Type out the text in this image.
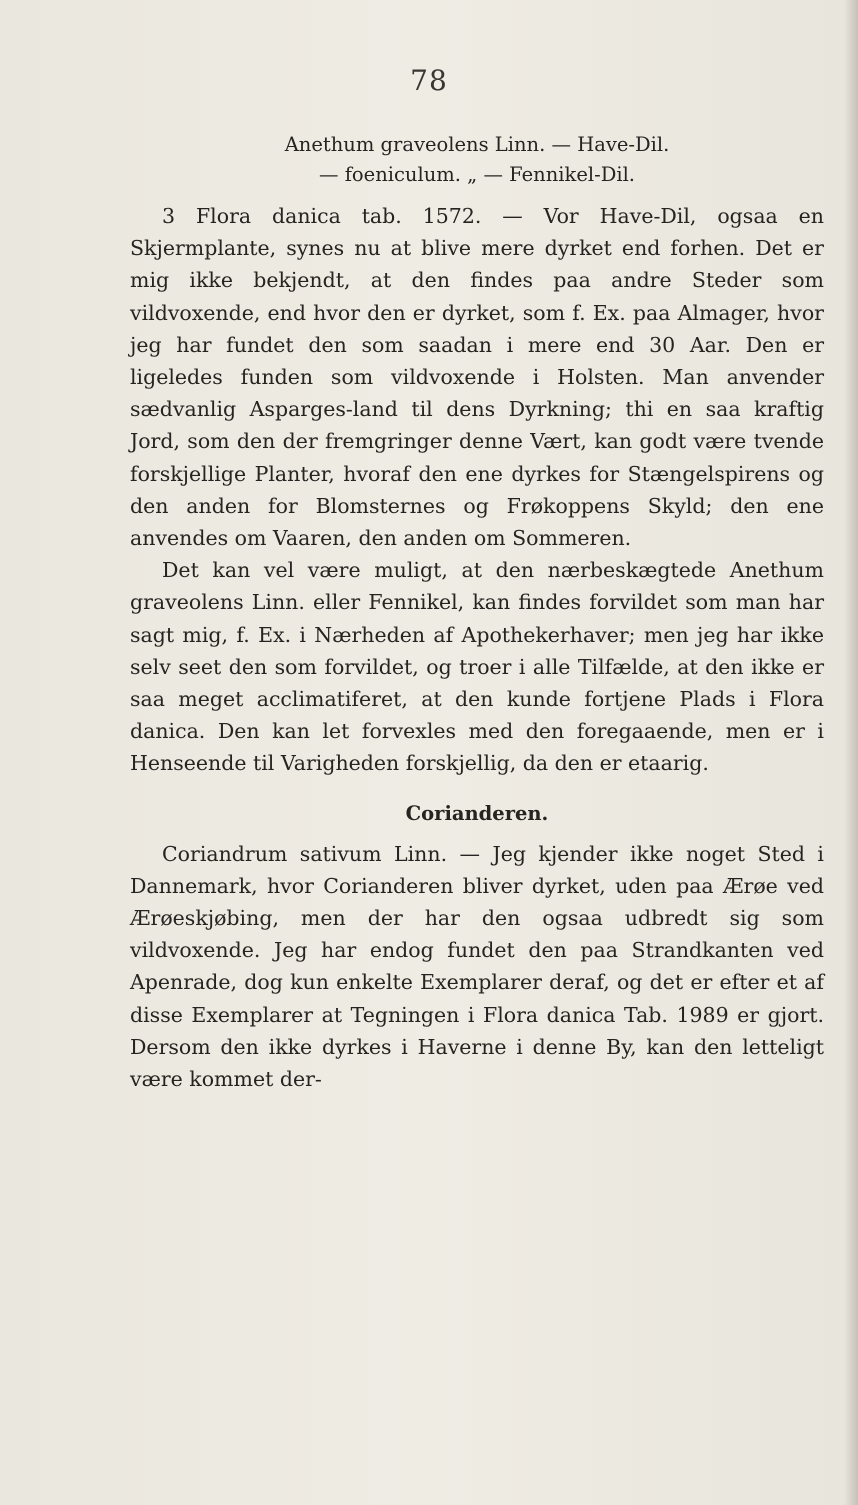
78
Anethum graveolens Linn. — Have-Dil.
— foeniculum. „ — Fennikel-Dil.

3 Flora danica tab. 1572. — Vor Have-Dil, ogsaa en Skjermplante, synes nu at blive mere dyrket end forhen. Det er mig ikke bekjendt, at den findes paa andre Steder som vildvoxende, end hvor den er dyrket, som f. Ex. paa Almager, hvor jeg har fundet den som saadan i mere end 30 Aar. Den er ligeledes funden som vildvoxende i Holsten. Man anvender sædvanlig Asparges-land til dens Dyrkning; thi en saa kraftig Jord, som den der fremgringer denne Vært, kan godt være tvende forskjellige Planter, hvoraf den ene dyrkes for Stængelspirens og den anden for Blomsternes og Frøkoppens Skyld; den ene anvendes om Vaaren, den anden om Sommeren.

Det kan vel være muligt, at den nærbeskægtede Anethum graveolens Linn. eller Fennikel, kan findes forvildet som man har sagt mig, f. Ex. i Nærheden af Apothekerhaver; men jeg har ikke selv seet den som forvildet, og troer i alle Tilfælde, at den ikke er saa meget acclimatiferet, at den kunde fortjene Plads i Flora danica. Den kan let forvexles med den foregaaende, men er i Henseende til Varigheden forskjellig, da den er etaarig.

Corianderen.

Coriandrum sativum Linn. — Jeg kjender ikke noget Sted i Dannemark, hvor Corianderen bliver dyrket, uden paa Ærøe ved Ærøeskjøbing, men der har den ogsaa udbredt sig som vildvoxende. Jeg har endog fundet den paa Strandkanten ved Apenrade, dog kun enkelte Exemplarer deraf, og det er efter et af disse Exemplarer at Tegningen i Flora danica Tab. 1989 er gjort. Dersom den ikke dyrkes i Haverne i denne By, kan den letteligt være kommet der-
